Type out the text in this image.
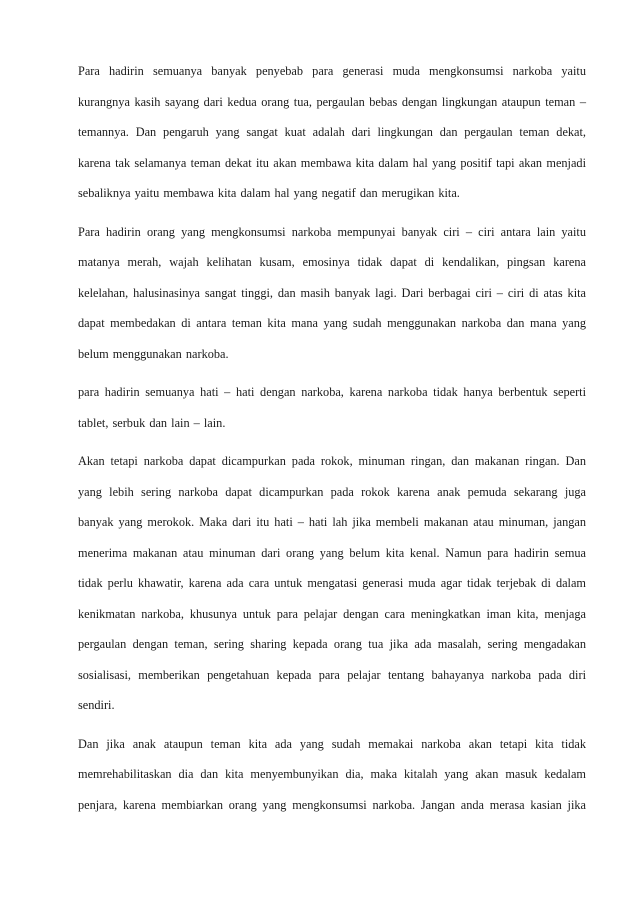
Para hadirin semuanya banyak penyebab para generasi muda mengkonsumsi narkoba yaitu kurangnya kasih sayang dari kedua orang tua, pergaulan bebas dengan lingkungan ataupun teman – temannya. Dan pengaruh yang sangat kuat adalah dari lingkungan dan pergaulan teman dekat, karena tak selamanya teman dekat itu akan membawa kita dalam hal yang positif tapi akan menjadi sebaliknya yaitu membawa kita dalam hal yang negatif dan merugikan kita.

Para hadirin orang yang mengkonsumsi narkoba mempunyai banyak ciri – ciri antara lain yaitu matanya merah, wajah kelihatan kusam, emosinya tidak dapat di kendalikan, pingsan karena kelelahan, halusinasinya sangat tinggi, dan masih banyak lagi. Dari berbagai ciri – ciri di atas kita dapat membedakan di antara teman kita mana yang sudah menggunakan narkoba dan mana yang belum menggunakan narkoba.

para hadirin semuanya hati – hati dengan narkoba, karena narkoba tidak hanya berbentuk seperti tablet, serbuk dan lain – lain.

Akan tetapi narkoba dapat dicampurkan pada rokok, minuman ringan, dan makanan ringan. Dan yang lebih sering narkoba dapat dicampurkan pada rokok karena anak pemuda sekarang juga banyak yang merokok. Maka dari itu hati – hati lah jika membeli makanan atau minuman, jangan menerima makanan atau minuman dari orang yang belum kita kenal. Namun para hadirin semua tidak perlu khawatir, karena ada cara untuk mengatasi generasi muda agar tidak terjebak di dalam kenikmatan narkoba, khusunya untuk para pelajar dengan cara meningkatkan iman kita, menjaga pergaulan dengan teman, sering sharing kepada orang tua jika ada masalah, sering mengadakan sosialisasi, memberikan pengetahuan kepada para pelajar tentang bahayanya narkoba pada diri sendiri.

Dan jika anak ataupun teman kita ada yang sudah memakai narkoba akan tetapi kita tidak memrehabilitaskan dia dan kita menyembunyikan dia, maka kitalah yang akan masuk kedalam penjara, karena membiarkan orang yang mengkonsumsi narkoba. Jangan anda merasa kasian jika
